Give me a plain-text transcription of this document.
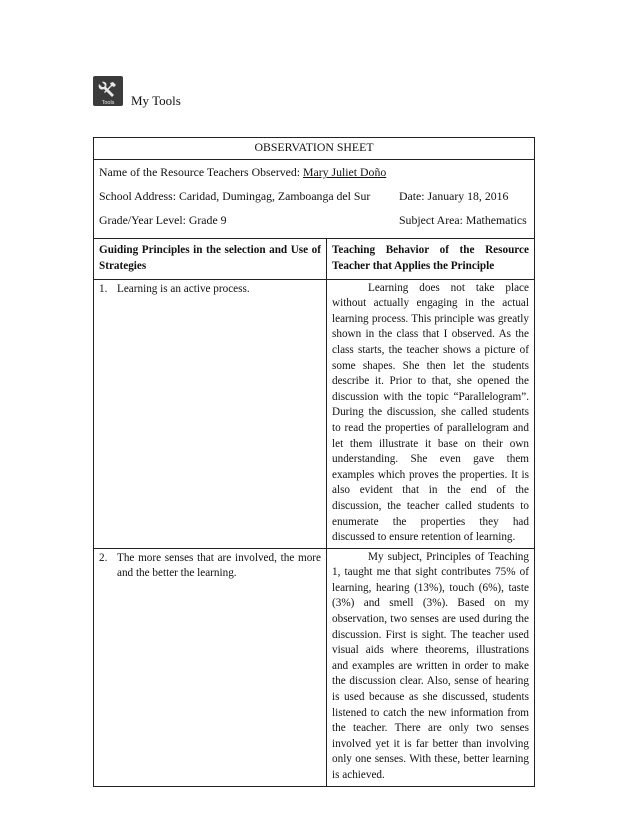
Tools My Tools
OBSERVATION SHEET	

Name of the Resource Teachers Observed: Mary Juliet Doño
School Address: Caridad, Dumingag, Zamboanga del Sur Date: January 18, 2016
Grade/Year Level: Grade 9 Subject Area: Mathematics	

Guiding Principles in the selection and Use of Strategies	Teaching Behavior of the Resource Teacher that Applies the Principle

1. Learning is an active process.	Learning does not take place without actually engaging in the actual learning process. This principle was greatly shown in the class that I observed. As the class starts, the teacher shows a picture of some shapes. She then let the students describe it. Prior to that, she opened the discussion with the topic “Parallelogram”. During the discussion, she called students to read the properties of parallelogram and let them illustrate it base on their own understanding. She even gave them examples which proves the properties. It is also evident that in the end of the discussion, the teacher called students to enumerate the properties they had discussed to ensure retention of learning.

2. The more senses that are involved, the more and the better the learning.	My subject, Principles of Teaching 1, taught me that sight contributes 75% of learning, hearing (13%), touch (6%), taste (3%) and smell (3%). Based on my observation, two senses are used during the discussion. First is sight. The teacher used visual aids where theorems, illustrations and examples are written in order to make the discussion clear. Also, sense of hearing is used because as she discussed, students listened to catch the new information from the teacher. There are only two senses involved yet it is far better than involving only one senses. With these, better learning is achieved.
